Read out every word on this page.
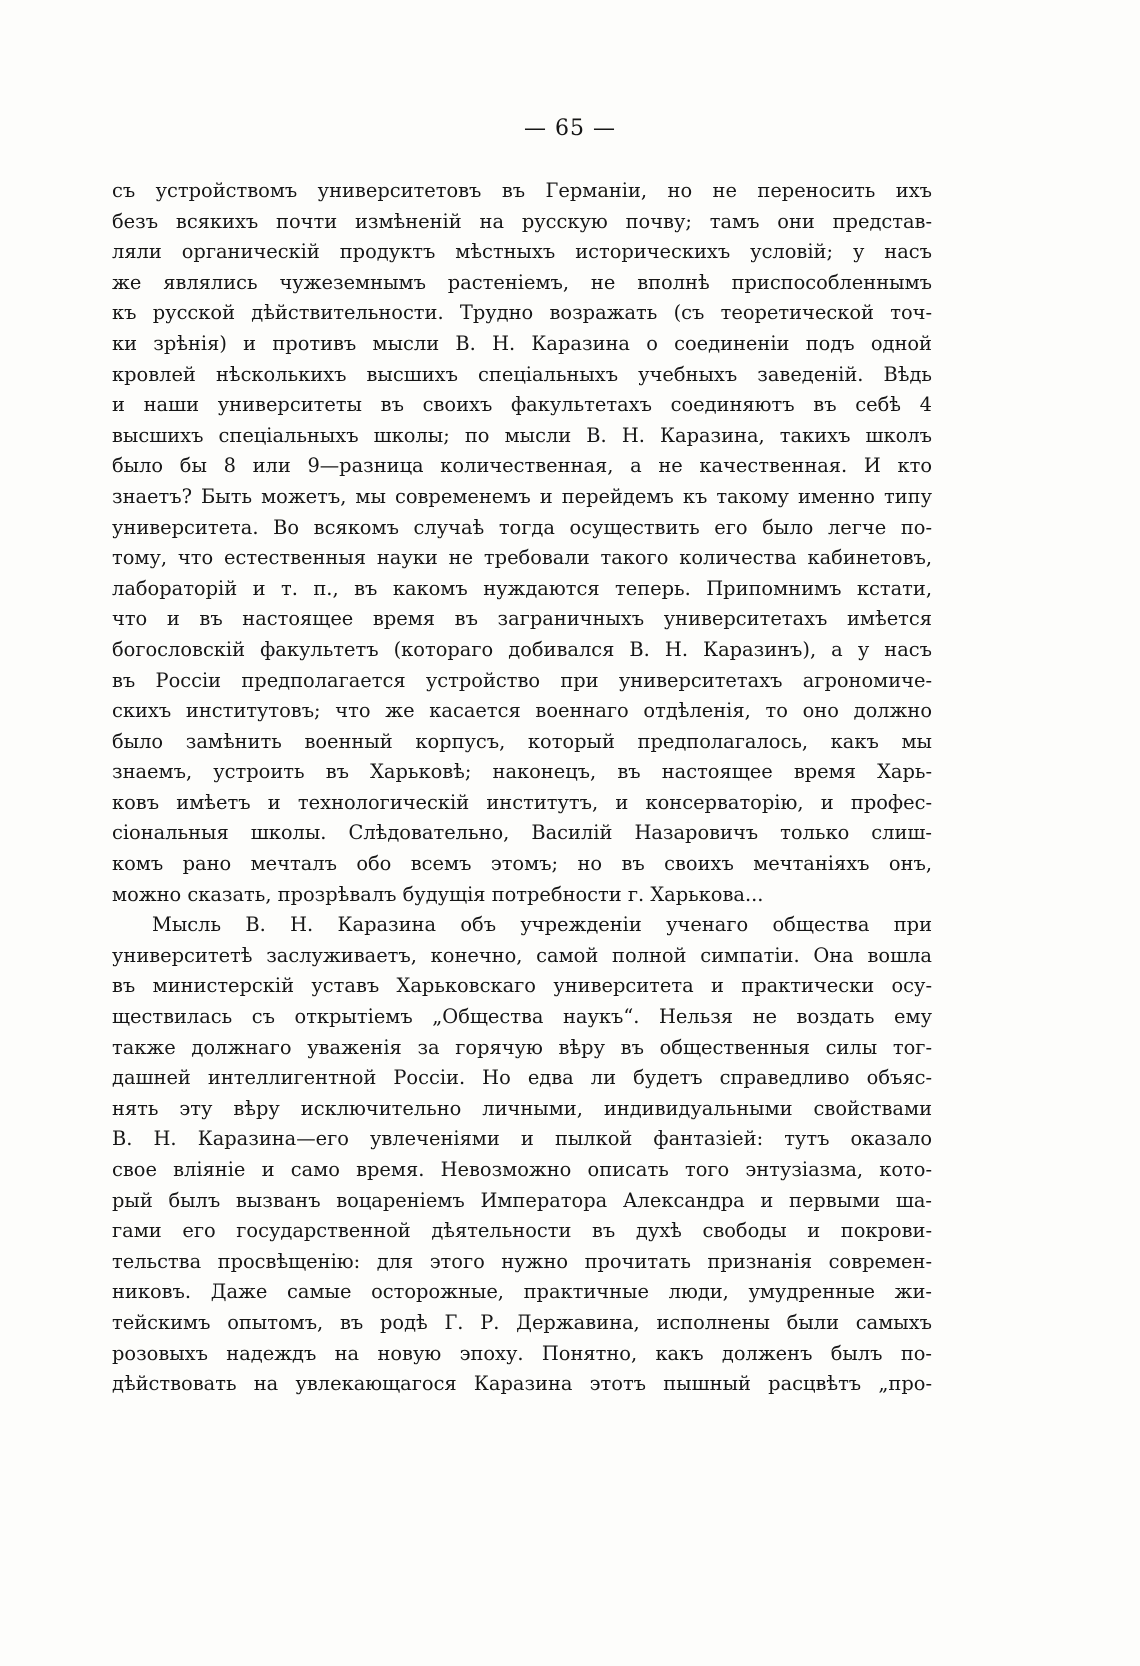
— 65 —
съ устройствомъ университетовъ въ Германіи, но не переносить ихъ
безъ всякихъ почти измѣненій на русскую почву; тамъ они представ-
ляли органическій продуктъ мѣстныхъ историческихъ условій; у насъ
же являлись чужеземнымъ растеніемъ, не вполнѣ приспособленнымъ
къ русской дѣйствительности. Трудно возражать (съ теоретической точ-
ки зрѣнія) и противъ мысли В. Н. Каразина о соединеніи подъ одной
кровлей нѣсколькихъ высшихъ спеціальныхъ учебныхъ заведеній. Вѣдь
и наши университеты въ своихъ факультетахъ соединяютъ въ себѣ 4
высшихъ спеціальныхъ школы; по мысли В. Н. Каразина, такихъ школъ
было бы 8 или 9—разница количественная, а не качественная. И кто
знаетъ? Быть можетъ, мы современемъ и перейдемъ къ такому именно типу
университета. Во всякомъ случаѣ тогда осуществить его было легче по-
тому, что естественныя науки не требовали такого количества кабинетовъ,
лабораторій и т. п., въ какомъ нуждаются теперь. Припомнимъ кстати,
что и въ настоящее время въ заграничныхъ университетахъ имѣется
богословскій факультетъ (котораго добивался В. Н. Каразинъ), а у насъ
въ Россіи предполагается устройство при университетахъ агрономиче-
скихъ институтовъ; что же касается военнаго отдѣленія, то оно должно
было замѣнить военный корпусъ, который предполагалось, какъ мы
знаемъ, устроить въ Харьковѣ; наконецъ, въ настоящее время Харь-
ковъ имѣетъ и технологическій институтъ, и консерваторію, и профес-
сіональныя школы. Слѣдовательно, Василій Назаровичъ только слиш-
комъ рано мечталъ обо всемъ этомъ; но въ своихъ мечтаніяхъ онъ,
можно сказать, прозрѣвалъ будущія потребности г. Харькова...
Мысль В. Н. Каразина объ учрежденіи ученаго общества при
университетѣ заслуживаетъ, конечно, самой полной симпатіи. Она вошла
въ министерскій уставъ Харьковскаго университета и практически осу-
ществилась съ открытіемъ „Общества наукъ“. Нельзя не воздать ему
также должнаго уваженія за горячую вѣру въ общественныя силы тог-
дашней интеллигентной Россіи. Но едва ли будетъ справедливо объяс-
нять эту вѣру исключительно личными, индивидуальными свойствами
В. Н. Каразина—его увлеченіями и пылкой фантазіей: тутъ оказало
свое вліяніе и само время. Невозможно описать того энтузіазма, кото-
рый былъ вызванъ воцареніемъ Императора Александра и первыми ша-
гами его государственной дѣятельности въ духѣ свободы и покрови-
тельства просвѣщенію: для этого нужно прочитать признанія современ-
никовъ. Даже самые осторожные, практичные люди, умудренные жи-
тейскимъ опытомъ, въ родѣ Г. Р. Державина, исполнены были самыхъ
розовыхъ надеждъ на новую эпоху. Понятно, какъ долженъ былъ по-
дѣйствовать на увлекающагося Каразина этотъ пышный расцвѣтъ „про-
